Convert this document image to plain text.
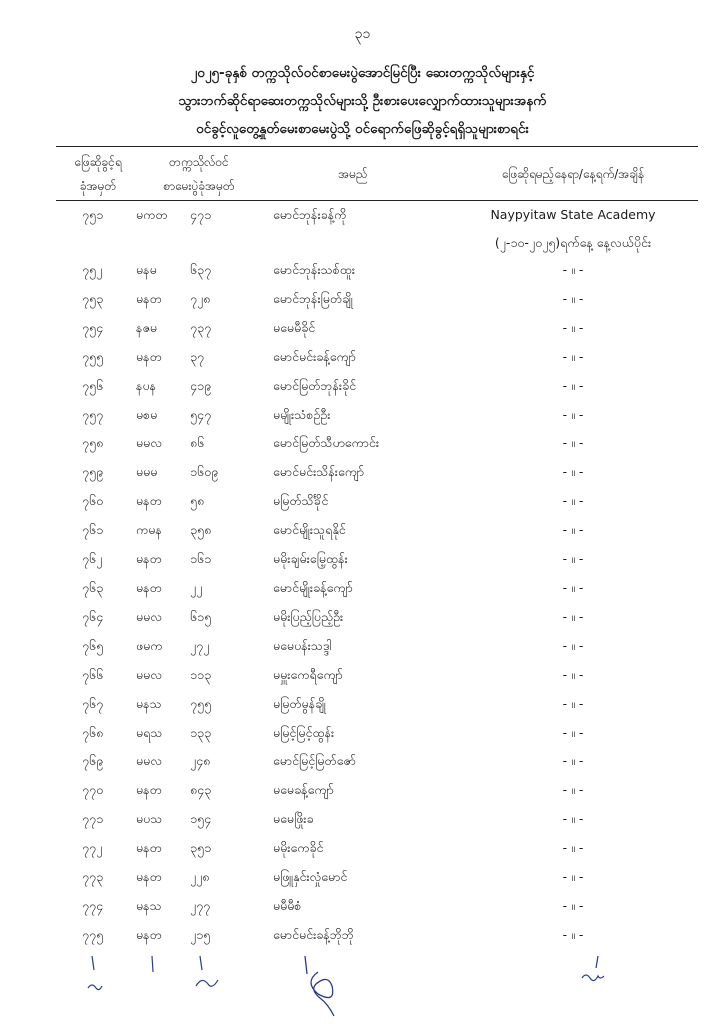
၃၁
၂၀၂၅-ခုနှစ် တက္ကသိုလ်ဝင်စာမေးပွဲအောင်မြင်ပြီး ဆေးတက္ကသိုလ်များနှင့်
သွားဘက်ဆိုင်ရာဆေးတက္ကသိုလ်များသို့ ဦးစားပေးလျှောက်ထားသူများအနက်
ဝင်ခွင့်လူတွေ့နှုတ်မေးစာမေးပွဲသို့ ဝင်ရောက်ဖြေဆိုခွင့်ရရှိသူများစာရင်း
ဖြေဆိုခွင့်ရ
ခုံအမှတ်
တက္ကသိုလ်ဝင်
စာမေးပွဲခုံအမှတ်
အမည်	ဖြေဆိုရမည့်နေရာ/နေ့ရက်/အချိန်
၇၅၁	မကတ ၄၇၁	မောင်ဘုန်းခန့်ကို	Naypyitaw State Academy
(၂-၁၀-၂၀၂၅)ရက်နေ့ နေ့လယ်ပိုင်း
၇၅၂	မနမ	၆၃၇	မောင်ဘုန်းသစ်ထူး	- ။ -
၇၅၃	မနတ ၇၂၈	မောင်ဘုန်းမြတ်ချို	- ။ -
၇၅၄	နဇမ	၇၃၇	မမေမီခိုင်	- ။ -
၇၅၅	မနတ ၃၇	မောင်မင်းခန့်ကျော်	- ။ -
၇၅၆	နပန	၄၁၉	မောင်မြတ်ဘုန်းခိုင်	- ။ -
၇၅၇	မစမ	၅၄၇	မမျိုးသံစဉ်ဦး	- ။ -
၇၅၈	မမလ ၈၆	မောင်မြတ်သီဟကောင်း	- ။ -
၇၅၉	မမမ	၁၆၀၉	မောင်မင်းသိန်းကျော်	- ။ -
၇၆၀	မနတ ၅၈	မမြတ်သိင်္ခိုင်	- ။ -
၇၆၁	ကမန ၃၅၈	မောင်မျိုးသူရနိုင်	- ။ -
၇၆၂	မနတ ၁၆၁	မမိုးချမ်းမြေ့ထွန်း	- ။ -
၇၆၃	မနတ ၂၂	မောင်မျိုးခန့်ကျော်	- ။ -
၇၆၄	မမလ ၆၁၅	မမိုးပြည့်ပြည့်ဦး	- ။ -
၇၆၅	ဖမက ၂၇၂	မမေပန်းသဒ္ဒါ	- ။ -
၇၆၆	မမလ ၁၁၃	မမှူးကေရီကျော်	- ။ -
၇၆၇	မနသ ၇၅၅	မမြတ်မွန်ချို	- ။ -
၇၆၈	မရသ ၁၃၃	မမြင့်မြင့်ထွန်း	- ။ -
၇၆၉	မမလ ၂၄၈	မောင်မြင့်မြတ်ဇော်	- ။ -
၇၇၀	မနတ ၈၄၃	မမေခန့်ကျော်	- ။ -
၇၇၁	မပသ ၁၅၄	မမေဖြိုးခ	- ။ -
၇၇၂	မနတ ၃၅၁	မမိုးကေခိုင်	- ။ -
၇၇၃	မနတ ၂၂၈	မဖြူနှင်းလှုံမောင်	- ။ -
၇၇၄	မနသ ၂၇၇	မမီမီစံ	- ။ -
၇၇၅	မနတ ၂၁၅	မောင်မင်းခန့်ဘိုဘို	- ။ -
